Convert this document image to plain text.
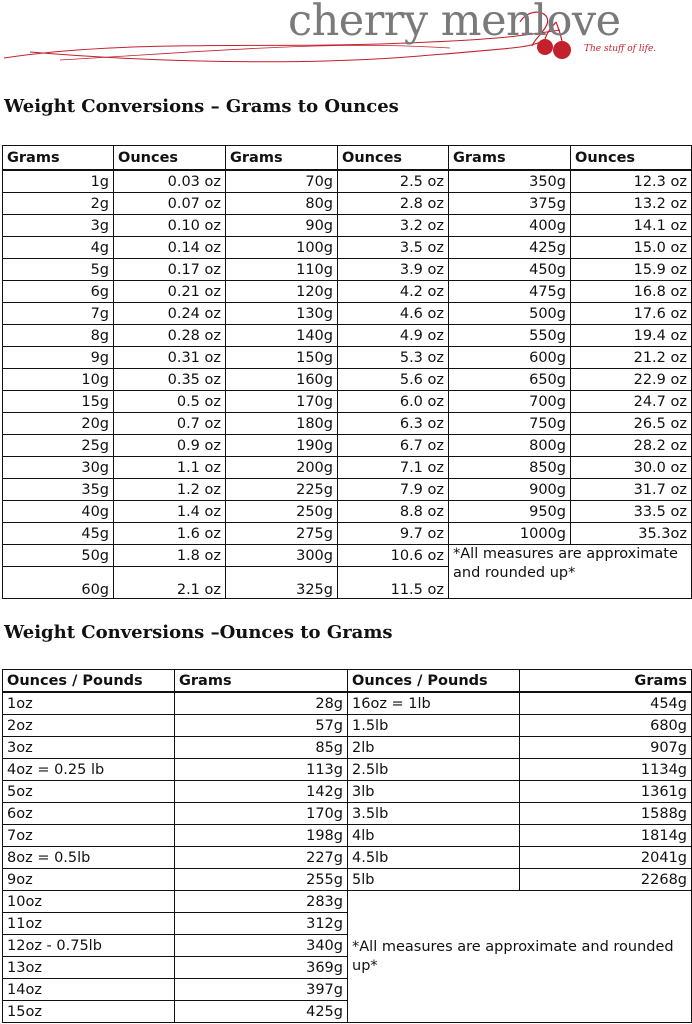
cherry menlove
The stuff of life.
Weight Conversions – Grams to Ounces
Grams	Ounces	Grams	Ounces	Grams	Ounces
1g	0.03 oz	70g	2.5 oz	350g	12.3 oz
2g	0.07 oz	80g	2.8 oz	375g	13.2 oz
3g	0.10 oz	90g	3.2 oz	400g	14.1 oz
4g	0.14 oz	100g	3.5 oz	425g	15.0 oz
5g	0.17 oz	110g	3.9 oz	450g	15.9 oz
6g	0.21 oz	120g	4.2 oz	475g	16.8 oz
7g	0.24 oz	130g	4.6 oz	500g	17.6 oz
8g	0.28 oz	140g	4.9 oz	550g	19.4 oz
9g	0.31 oz	150g	5.3 oz	600g	21.2 oz
10g	0.35 oz	160g	5.6 oz	650g	22.9 oz
15g	0.5 oz	170g	6.0 oz	700g	24.7 oz
20g	0.7 oz	180g	6.3 oz	750g	26.5 oz
25g	0.9 oz	190g	6.7 oz	800g	28.2 oz
30g	1.1 oz	200g	7.1 oz	850g	30.0 oz
35g	1.2 oz	225g	7.9 oz	900g	31.7 oz
40g	1.4 oz	250g	8.8 oz	950g	33.5 oz
45g	1.6 oz	275g	9.7 oz	1000g	35.3oz
50g	1.8 oz	300g	10.6 oz	*All measures are approximate and rounded up*	
60g	2.1 oz	325g	11.5 oz		
Weight Conversions –Ounces to Grams
Ounces / Pounds	Grams	Ounces / Pounds	Grams
1oz	28g	16oz = 1lb	454g
2oz	57g	1.5lb	680g
3oz	85g	2lb	907g
4oz = 0.25 lb	113g	2.5lb	1134g
5oz	142g	3lb	1361g
6oz	170g	3.5lb	1588g
7oz	198g	4lb	1814g
8oz = 0.5lb	227g	4.5lb	2041g
9oz	255g	5lb	2268g
10oz	283g	*All measures are approximate and rounded up*	
11oz	312g		
12oz - 0.75lb	340g		
13oz	369g		
14oz	397g		
15oz	425g		
